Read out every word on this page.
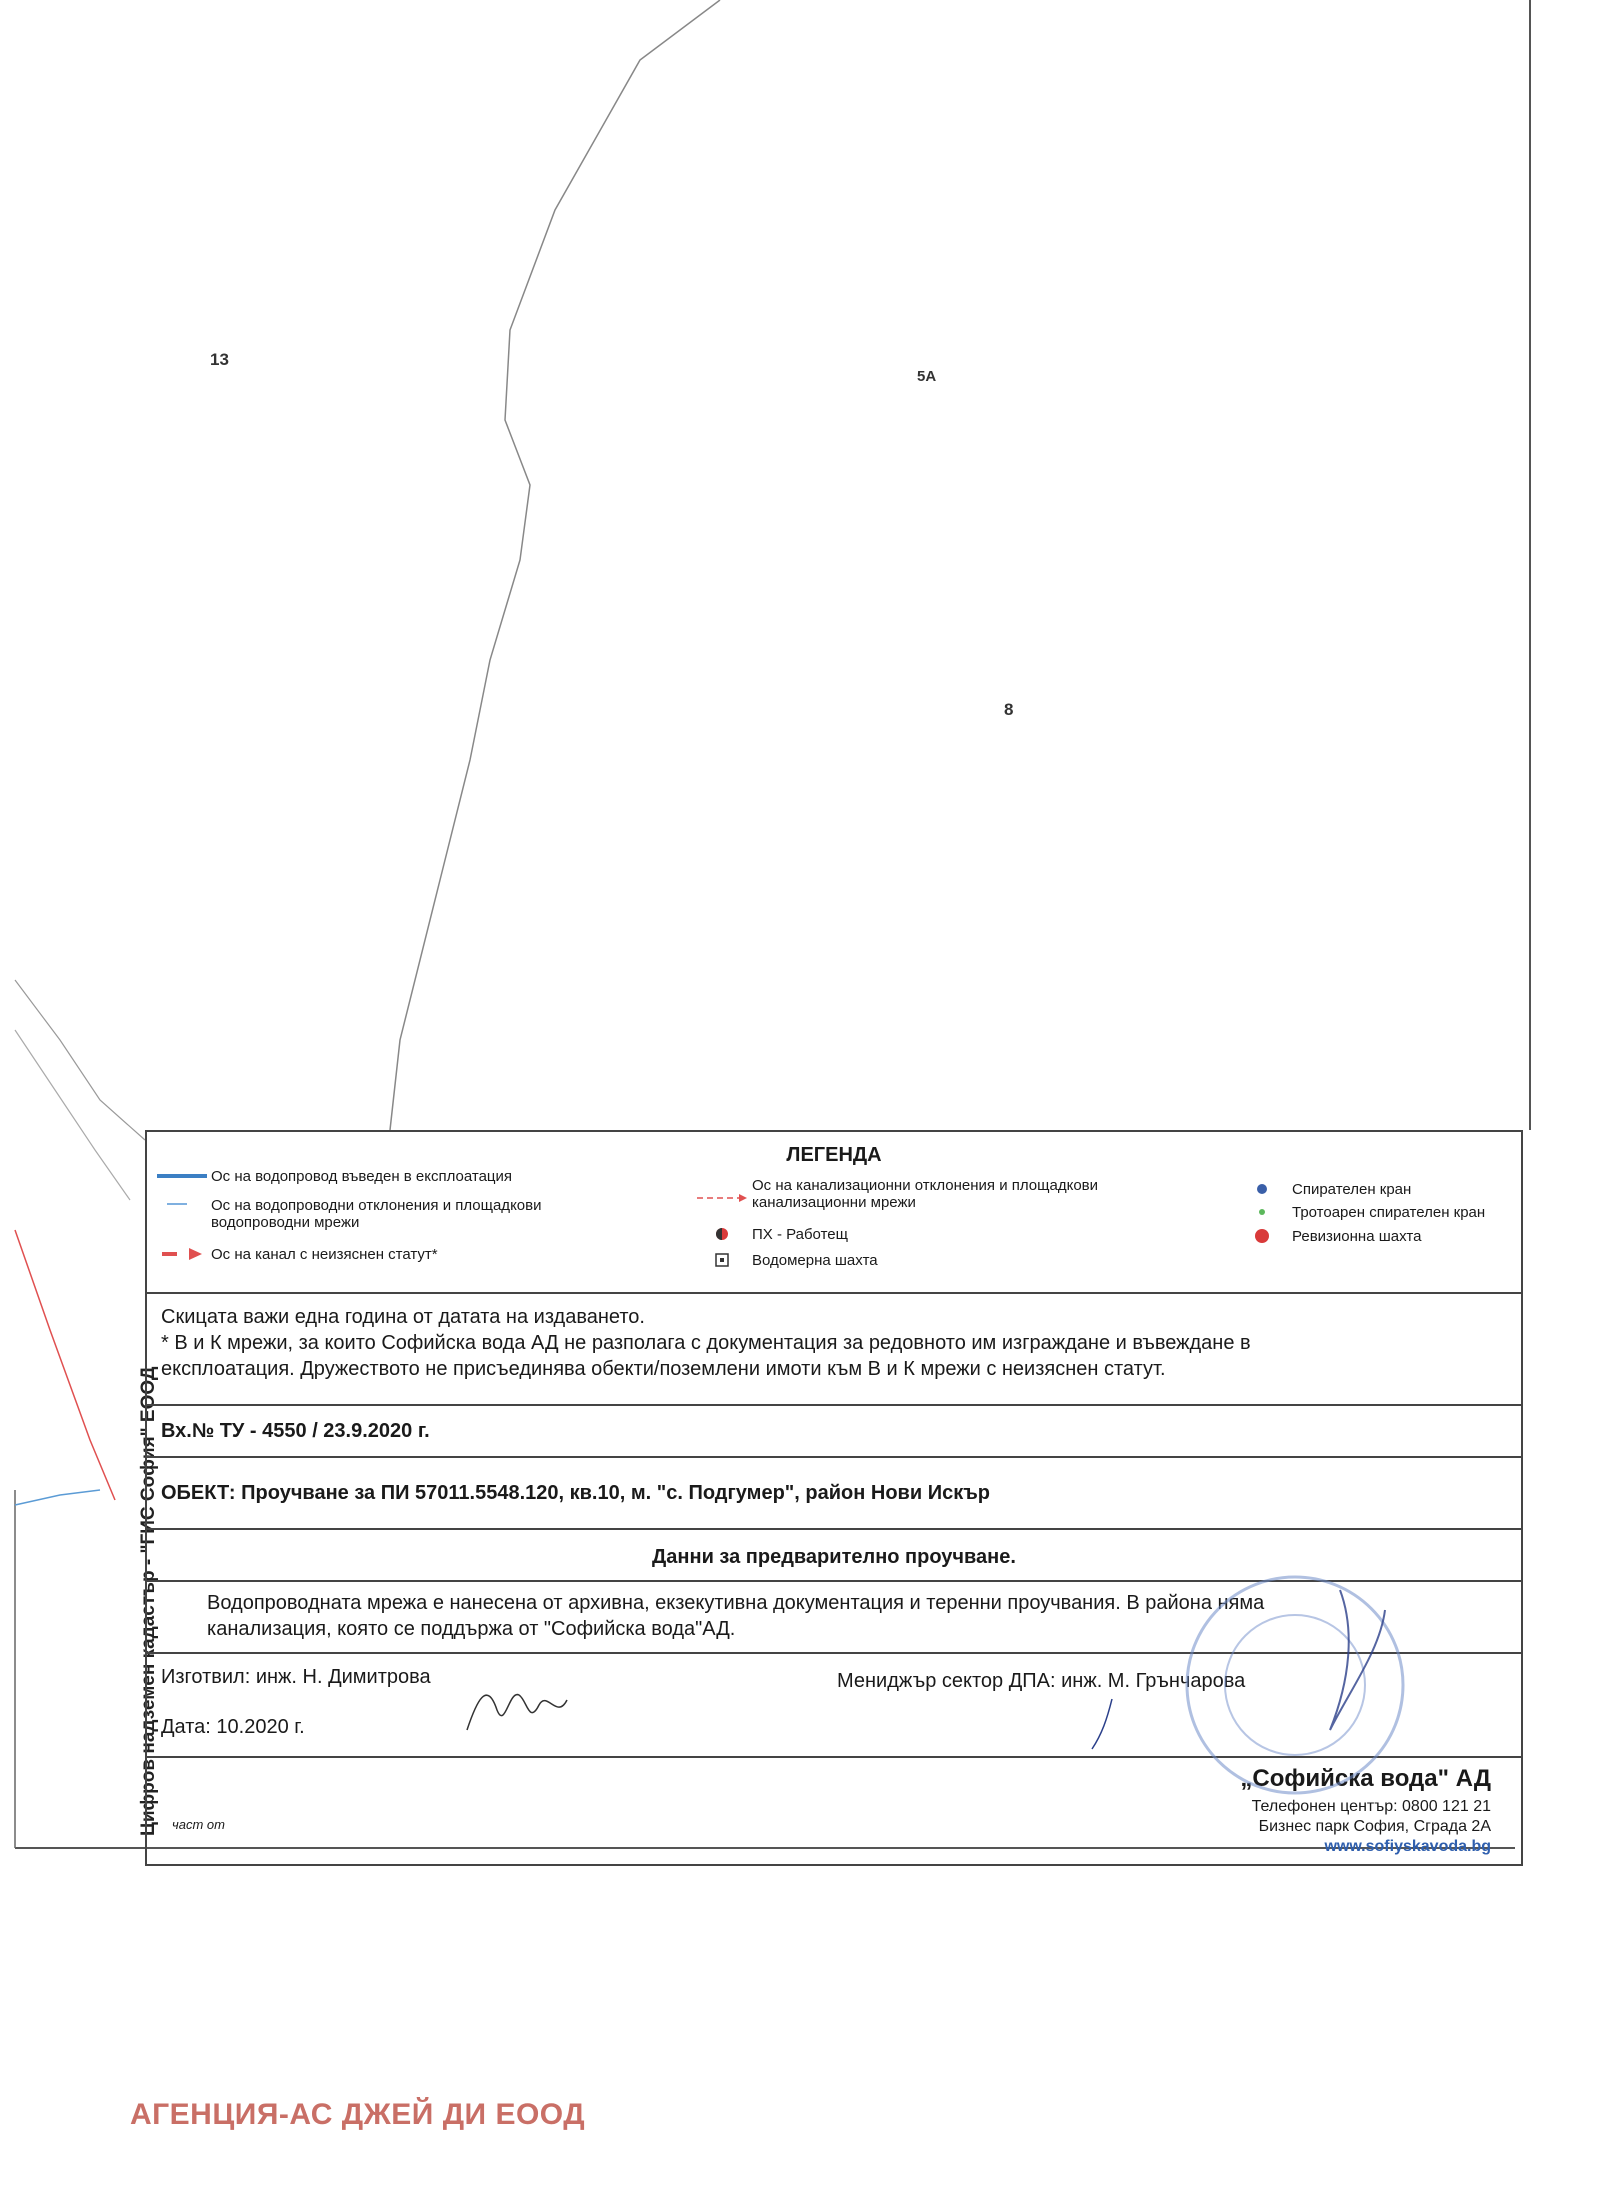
13
5А
8
Цифров надземен кадастър - "ГИС София" ЕООД
ЛЕГЕНДА
Ос на водопровод въведен в експлоатация
Ос на водопроводни отклонения и площадкови водопроводни мрежи
Ос на канал с неизяснен статут*
Ос на канализационни отклонения и площадкови канализационни мрежи
ПХ - Работещ
Водомерна шахта
Спирателен кран
Тротоарен спирателен кран
Ревизионна шахта
Скицата важи една година от датата на издаването.
* В и К мрежи, за които Софийска вода АД не разполага с документация за редовното им изграждане и въвеждане в
експлоатация. Дружеството не присъединява обекти/поземлени имоти към В и К мрежи с неизяснен статут.
Вх.№ ТУ - 4550 / 23.9.2020 г.
ОБЕКТ: Проучване за ПИ 57011.5548.120, кв.10, м. "с. Подгумер", район Нови Искър
Данни за предварително проучване.
Водопроводната мрежа е нанесена от архивна, екзекутивна документация и теренни проучвания. В района няма
канализация, която се поддържа от "Софийска вода"АД.
Изготвил: инж. Н. Димитрова	Мениджър сектор ДПА: инж. М. Грънчарова
Дата: 10.2020 г.
част от
„Софийска вода" АД
Телефонен център: 0800 121 21
Бизнес парк София, Сграда 2А
www.sofiyskavoda.bg
АГЕНЦИЯ-АС ДЖЕЙ ДИ ЕООД
